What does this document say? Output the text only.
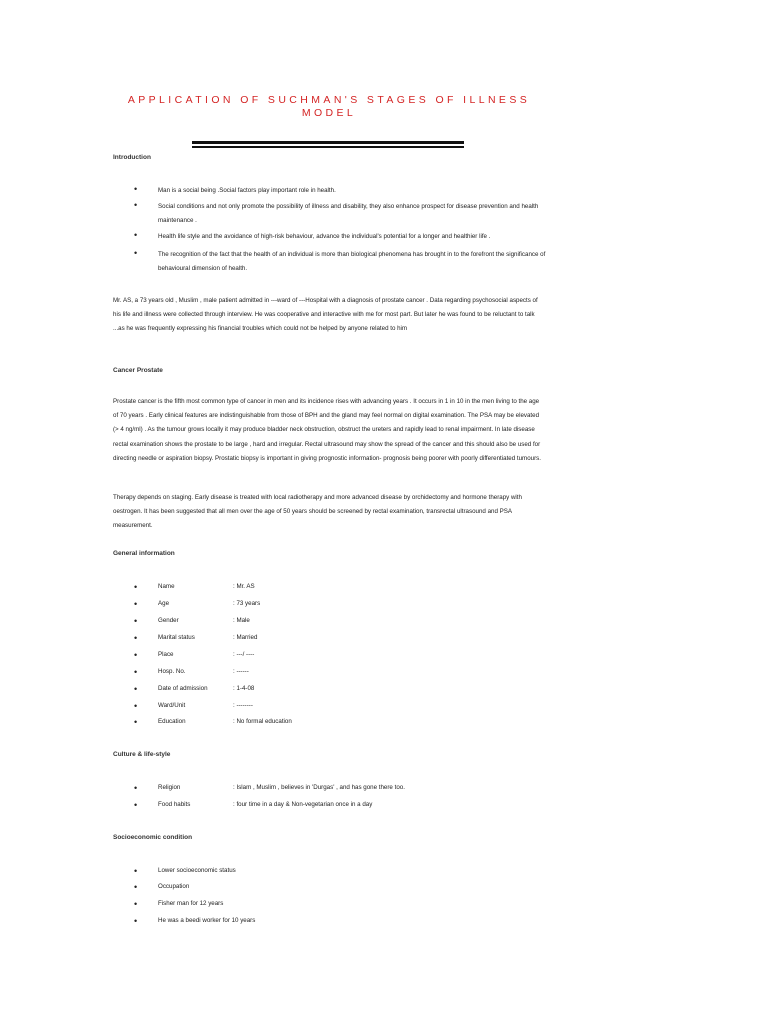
APPLICATION OF SUCHMAN'S STAGES OF ILLNESS MODEL
Introduction
•	Man is a social being .Social factors play important role in health.
•	Social conditions and not only promote the possibility of illness and disability, they also enhance prospect for disease prevention and health maintenance .
•	Health life style and the avoidance of high-risk behaviour, advance the individual's potential for a longer and healthier life .
•	The recognition of the fact that the health of an individual is more than biological phenomena has brought in to the forefront the significance of behavioural dimension of health.

Mr. AS, a 73 years old , Muslim , male patient admitted in ---ward of ---Hospital with a diagnosis of prostate cancer . Data regarding psychosocial aspects of his life and illness were collected through interview. He was cooperative and interactive with me for most part. But later he was found to be reluctant to talk ...as he was frequently expressing his financial troubles which could not be helped by anyone related to him

Cancer Prostate

Prostate cancer is the fifth most common type of cancer in men and its incidence rises with advancing years . It occurs in 1 in 10 in the men living to the age of 70 years . Early clinical features are indistinguishable from those of BPH and the gland may feel normal on digital examination. The PSA may be elevated (> 4 ng/ml) . As the tumour grows locally it may produce bladder neck obstruction, obstruct the ureters and rapidly lead to renal impairment. In late disease rectal examination shows the prostate to be large , hard and irregular. Rectal ultrasound may show the spread of the cancer and this should also be used for directing needle or aspiration biopsy. Prostatic biopsy is important in giving prognostic information- prognosis being poorer with poorly differentiated tumours.

Therapy depends on staging. Early disease is treated with local radiotherapy and more advanced disease by orchidectomy and hormone therapy with oestrogen. It has been suggested that all men over the age of 50 years should be screened by rectal examination, transrectal ultrasound and PSA measurement.

General information
•	Name	: Mr. AS
•	Age	: 73 years
•	Gender	: Male
•	Marital status	: Married
•	Place	: ---/ ----
•	Hosp. No.	: ------
•	Date of admission	: 1-4-08
•	Ward/Unit	: --------
•	Education	: No formal education
Culture & life-style
•	Religion	: Islam , Muslim , believes in 'Durgas' , and has gone there too.
•	Food habits	: four time in a day & Non-vegetarian once in a day
Socioeconomic condition
•	Lower socioeconomic status
•	Occupation
•	Fisher man for 12 years
•	He was a beedi worker for 10 years
